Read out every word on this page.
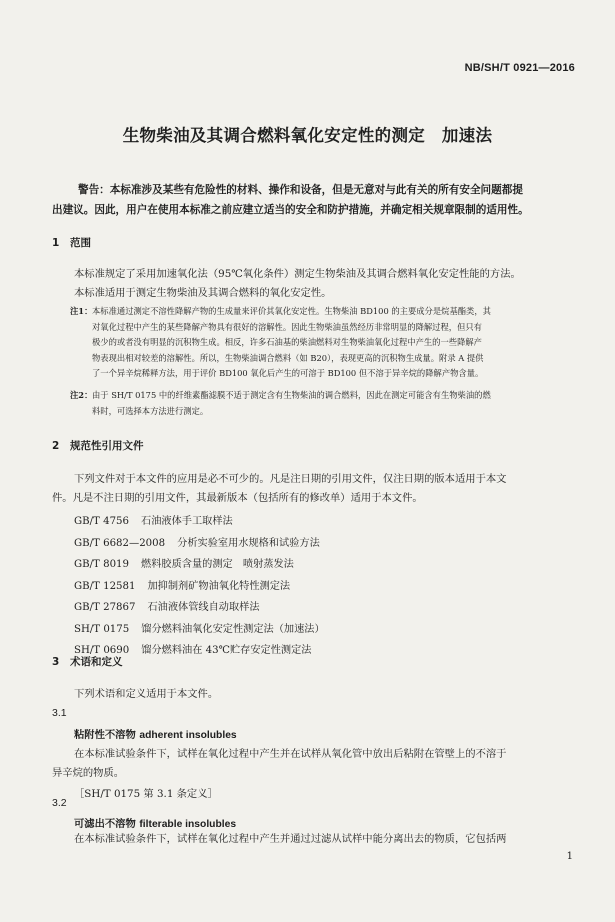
NB/SH/T 0921—2016
生物柴油及其调合燃料氧化安定性的测定　加速法
警告：本标准涉及某些有危险性的材料、操作和设备，但是无意对与此有关的所有安全问题都提
出建议。因此，用户在使用本标准之前应建立适当的安全和防护措施，并确定相关规章限制的适用性。
1 范围
本标准规定了采用加速氧化法（95℃氧化条件）测定生物柴油及其调合燃料氧化安定性能的方法。
本标准适用于测定生物柴油及其调合燃料的氧化安定性。
注1： 本标准通过测定不溶性降解产物的生成量来评价其氧化安定性。生物柴油 BD100 的主要成分是烷基酯类，其
对氧化过程中产生的某些降解产物具有很好的溶解性。因此生物柴油虽然经历非常明显的降解过程，但只有
极少的或者没有明显的沉积物生成。相反，许多石油基的柴油燃料对生物柴油氧化过程中产生的一些降解产
物表现出相对较差的溶解性。所以，生物柴油调合燃料（如 B20），表现更高的沉积物生成量。附录 A 提供
了一个异辛烷稀释方法，用于评价 BD100 氧化后产生的可溶于 BD100 但不溶于异辛烷的降解产物含量。
注2： 由于 SH/T 0175 中的纤维素酯滤膜不适于测定含有生物柴油的调合燃料，因此在测定可能含有生物柴油的燃
料时，可选择本方法进行测定。
2 规范性引用文件
下列文件对于本文件的应用是必不可少的。凡是注日期的引用文件，仅注日期的版本适用于本文
件。凡是不注日期的引用文件，其最新版本（包括所有的修改单）适用于本文件。
GB/T 4756 石油液体手工取样法
GB/T 6682—2008 分析实验室用水规格和试验方法
GB/T 8019 燃料胶质含量的测定　喷射蒸发法
GB/T 12581 加抑制剂矿物油氧化特性测定法
GB/T 27867 石油液体管线自动取样法
SH/T 0175 馏分燃料油氧化安定性测定法（加速法）
SH/T 0690 馏分燃料油在 43℃贮存安定性测定法
3 术语和定义
下列术语和定义适用于本文件。
3.1
粘附性不溶物 adherent insolubles
在本标准试验条件下，试样在氧化过程中产生并在试样从氧化管中放出后粘附在管壁上的不溶于
异辛烷的物质。
［SH/T 0175 第 3.1 条定义］
3.2
可滤出不溶物 filterable insolubles
在本标准试验条件下，试样在氧化过程中产生并通过过滤从试样中能分离出去的物质，它包括两
1
